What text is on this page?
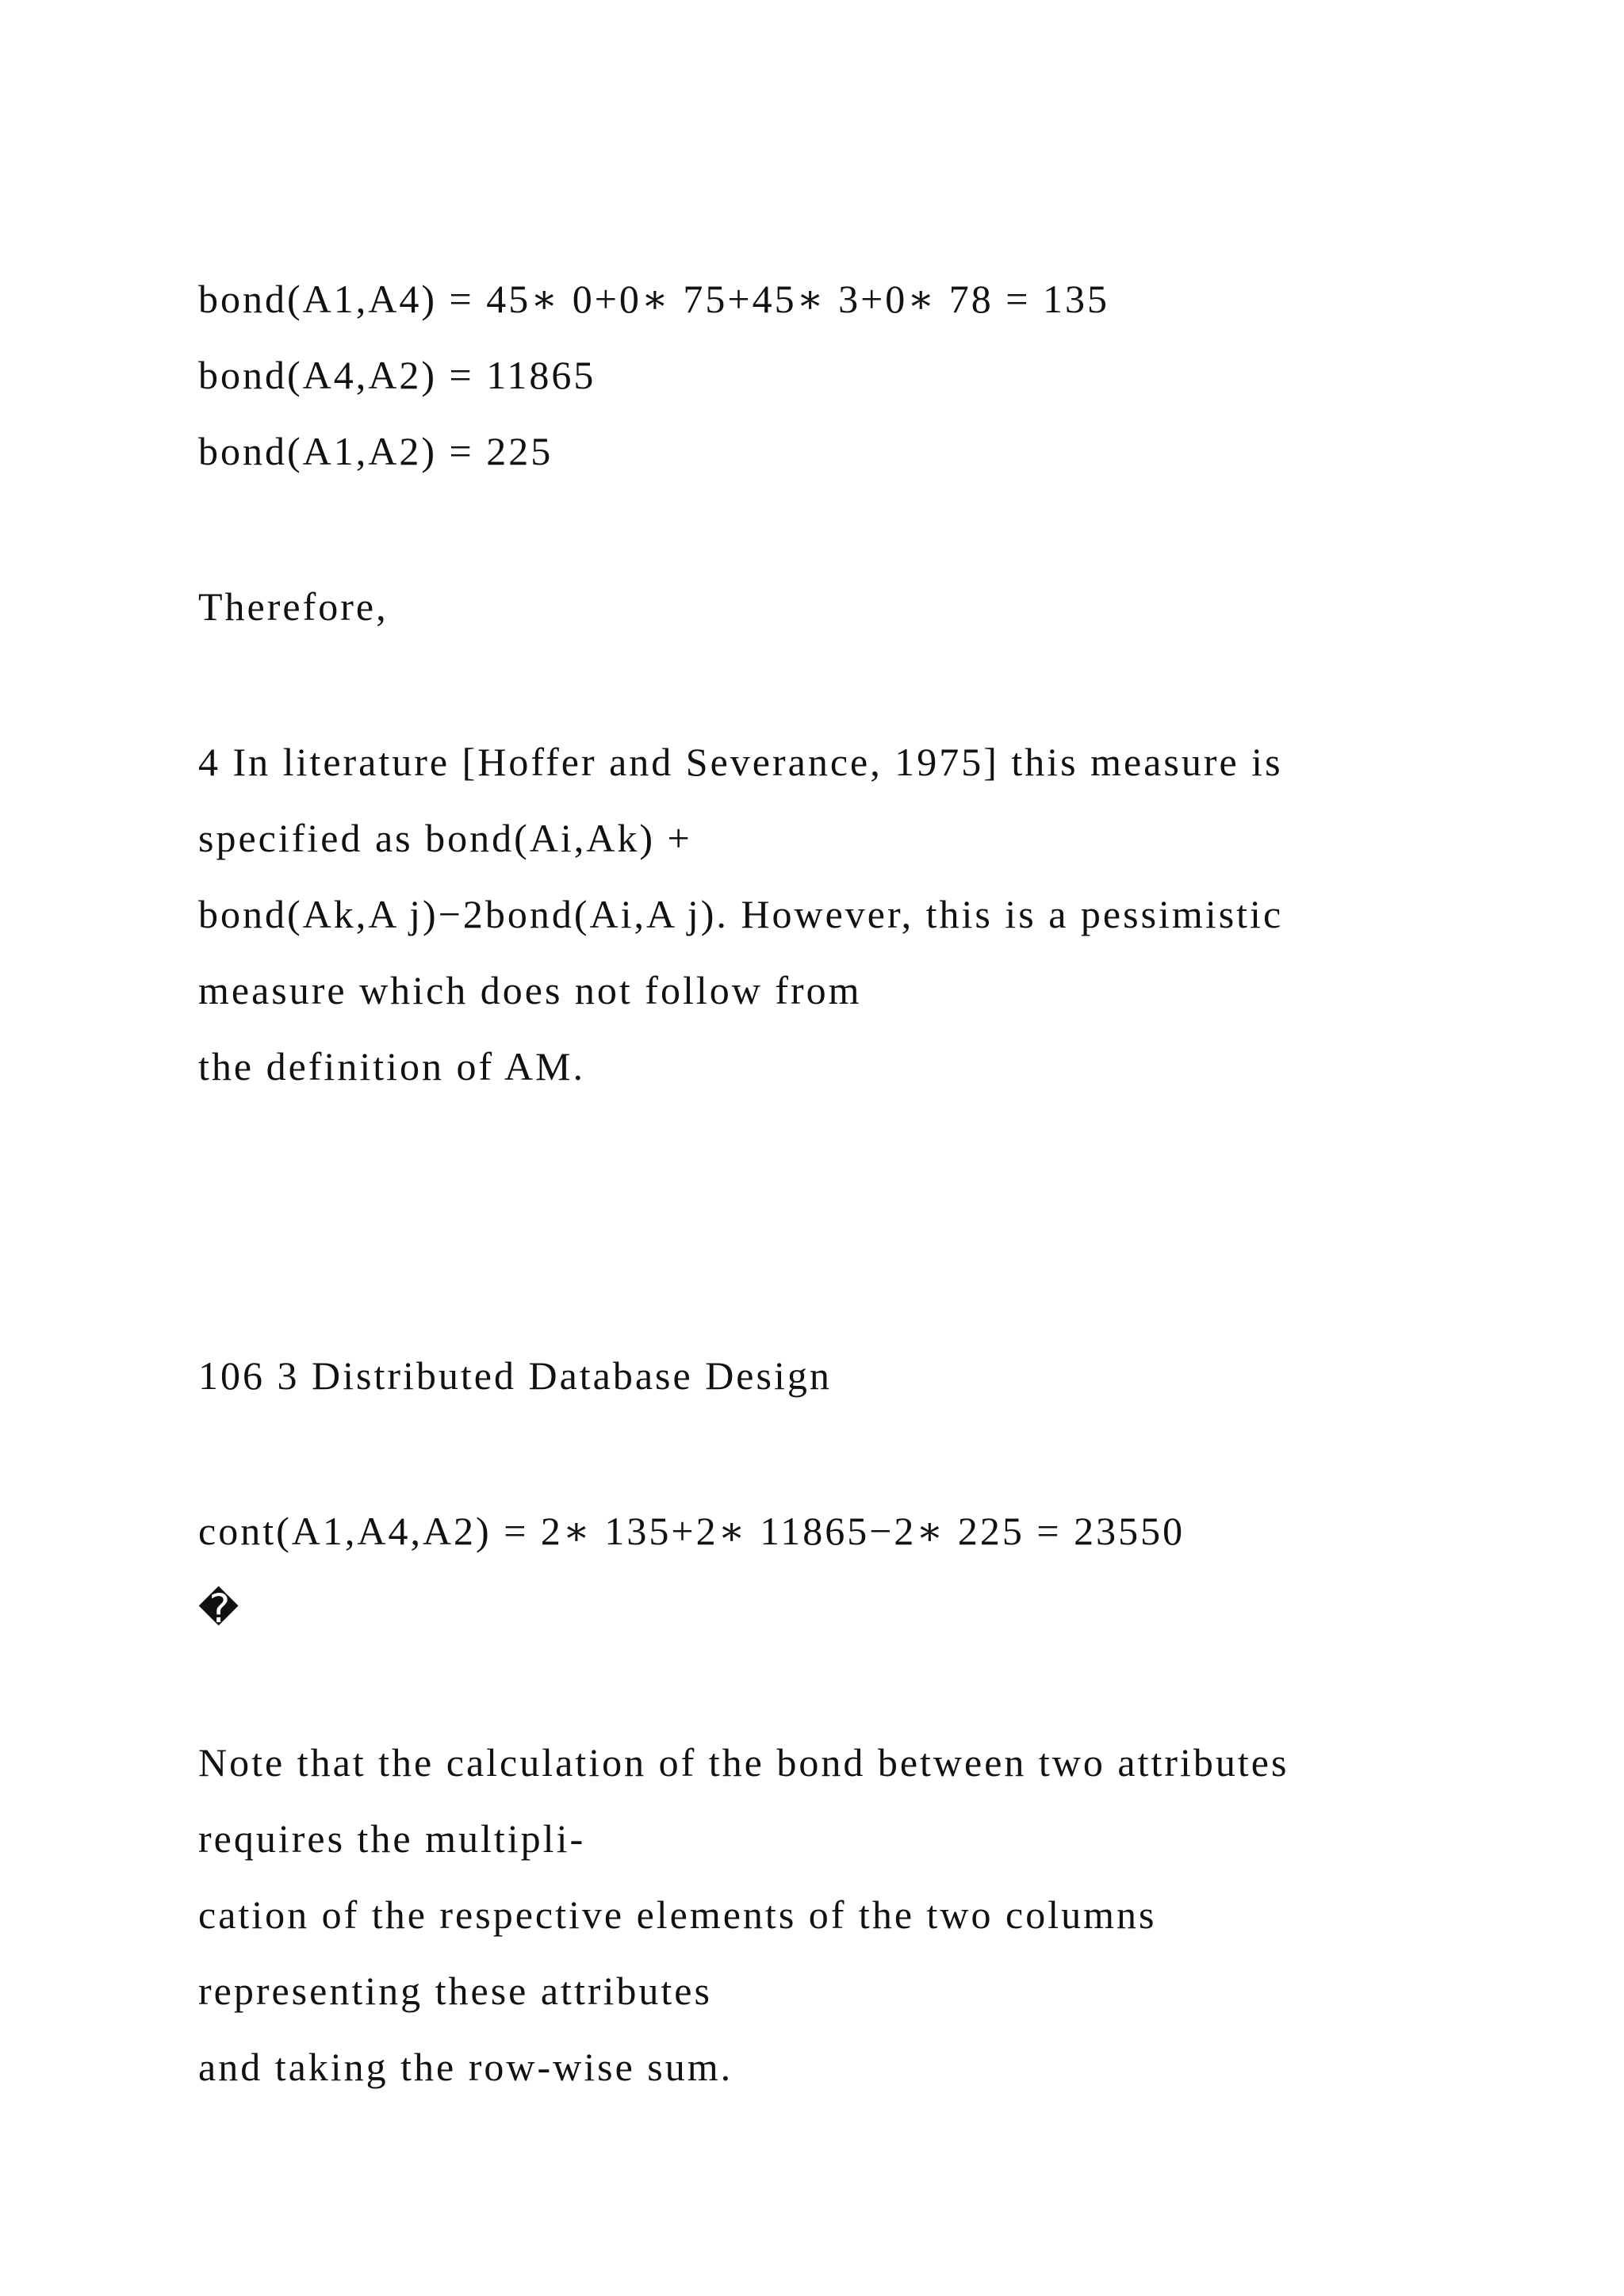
bond(A1,A4) = 45∗ 0+0∗ 75+45∗ 3+0∗ 78 = 135
bond(A4,A2) = 11865
bond(A1,A2) = 225
Therefore,
4 In literature [Hoffer and Severance, 1975] this measure is
specified as bond(Ai,Ak) +
bond(Ak,A j)−2bond(Ai,A j). However, this is a pessimistic
measure which does not follow from
the definition of AM.
106 3 Distributed Database Design
cont(A1,A4,A2) = 2∗ 135+2∗ 11865−2∗ 225 = 23550
�
Note that the calculation of the bond between two attributes
requires the multipli-
cation of the respective elements of the two columns
representing these attributes
and taking the row-wise sum.
